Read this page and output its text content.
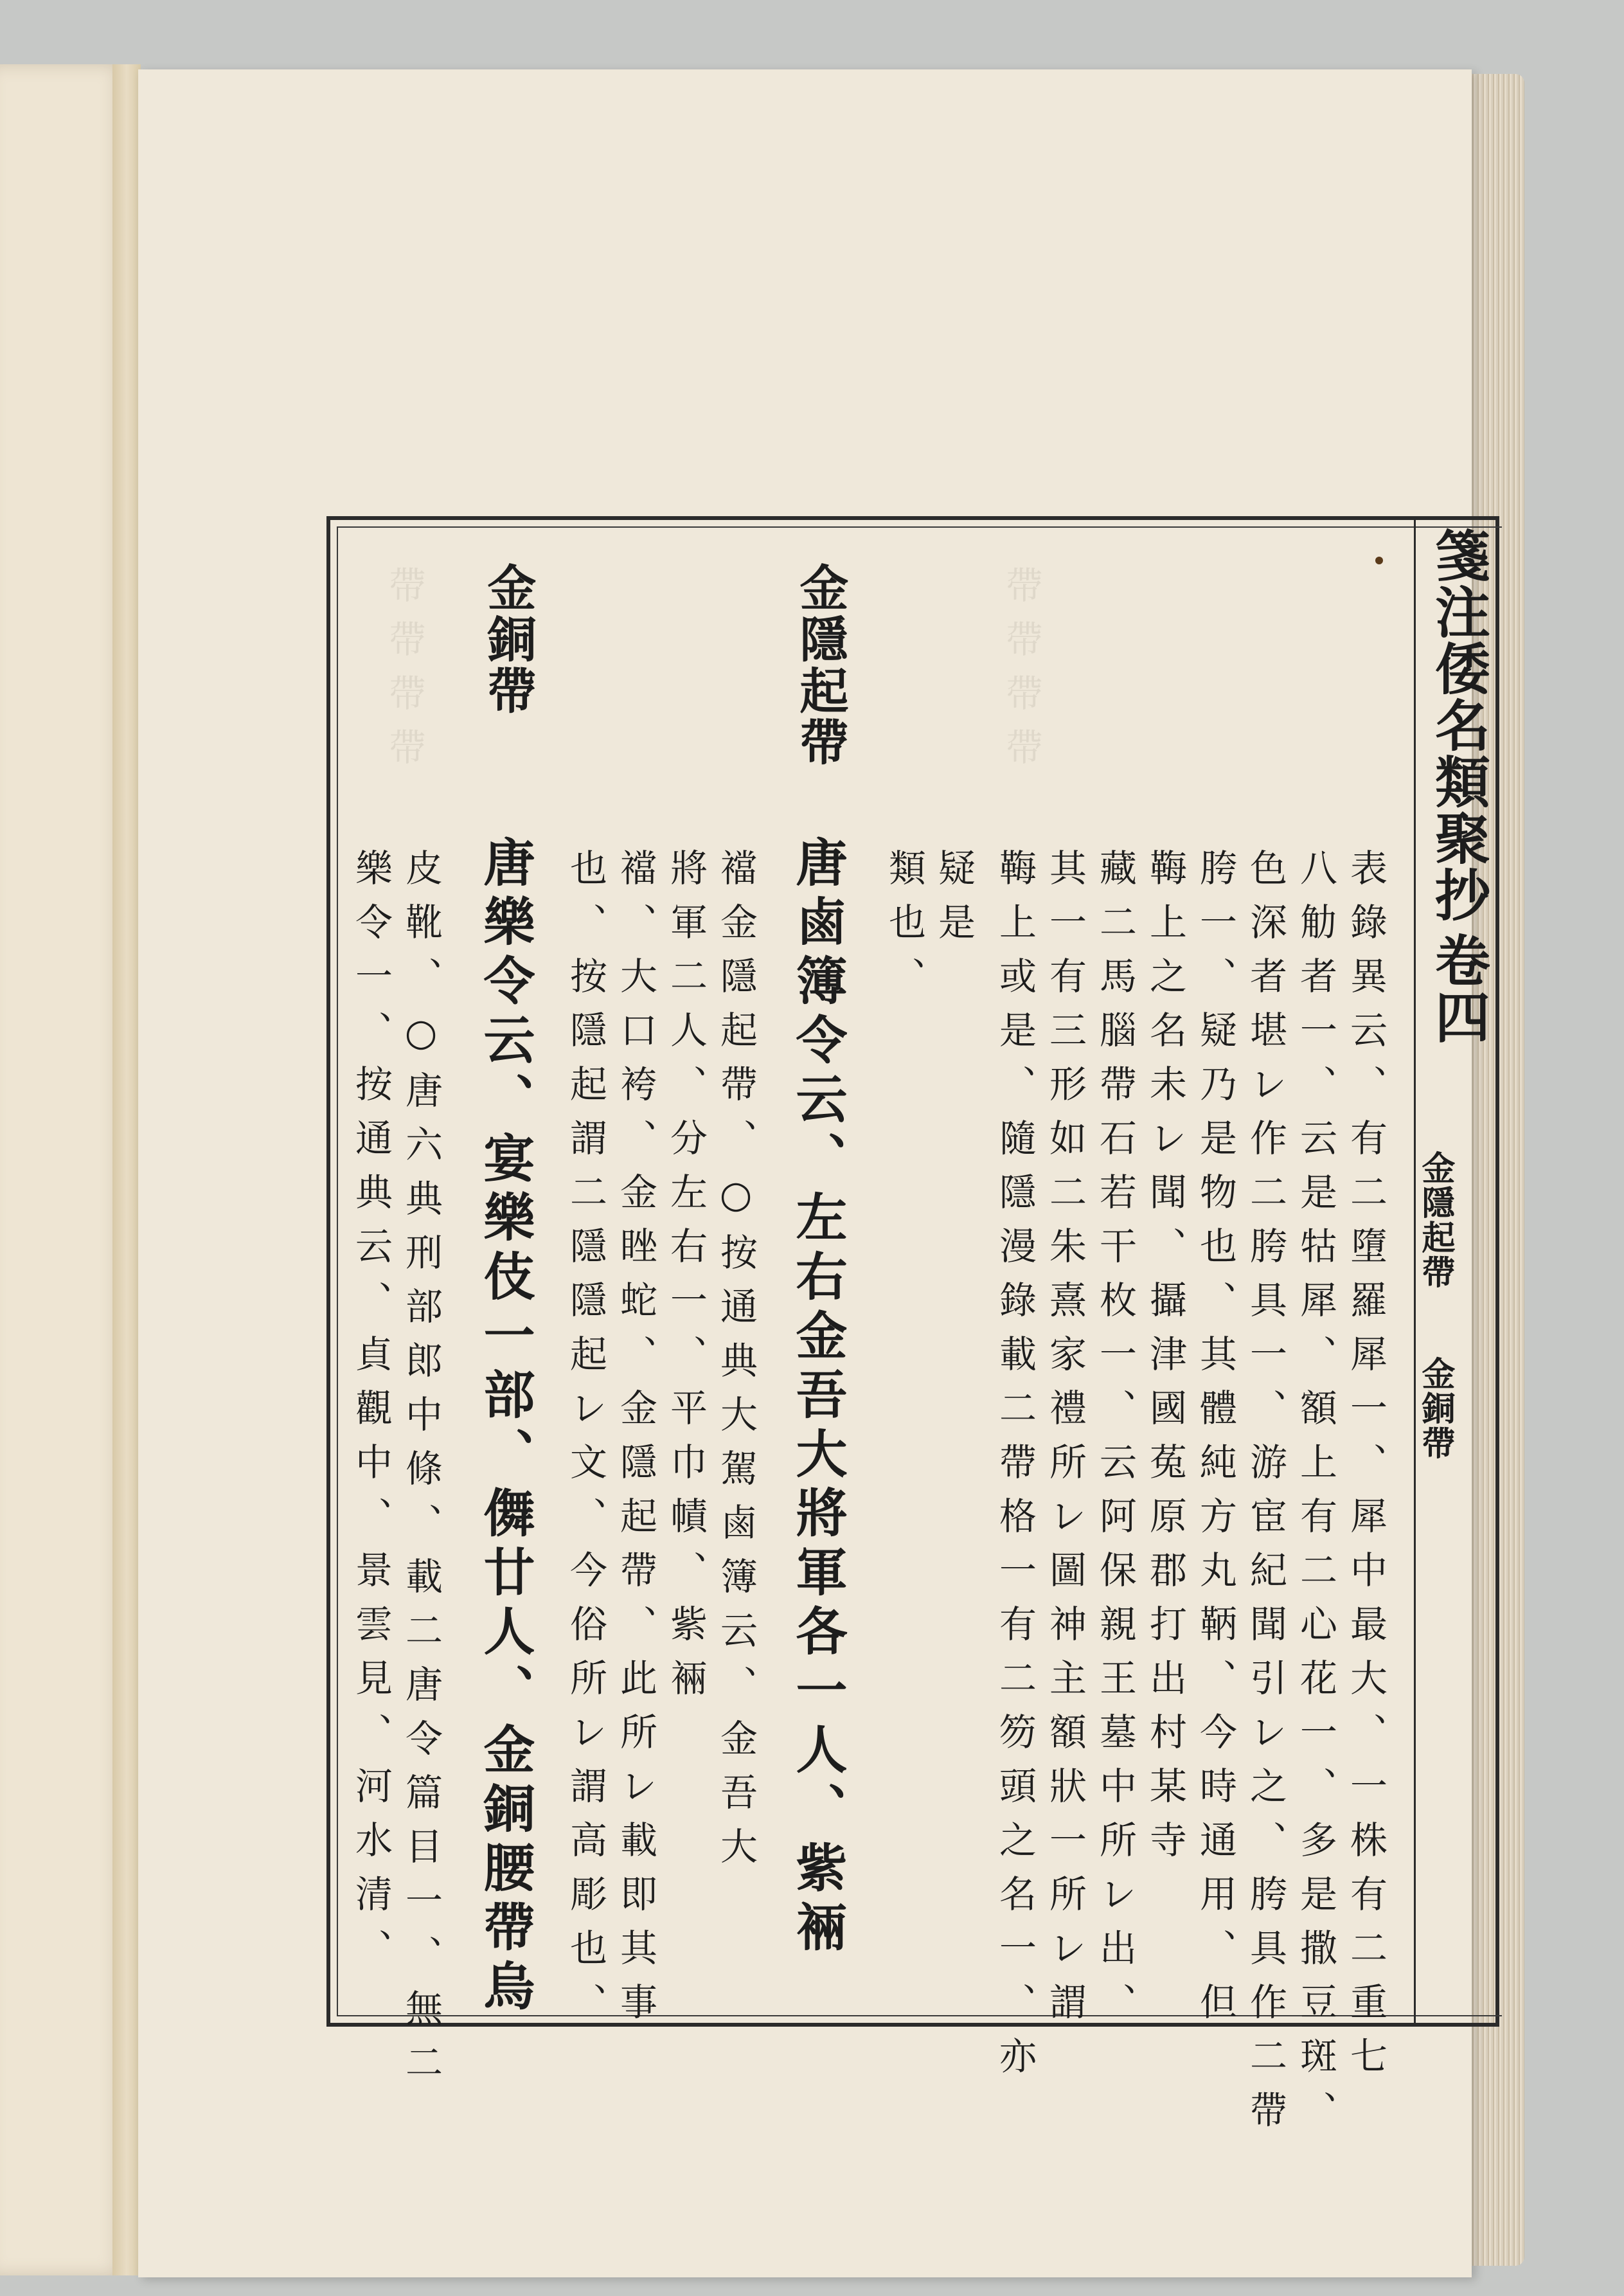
帶帶帶帶
帶帶帶帶	箋注倭名類聚抄
卷四
金隱起帶
金銅帶
表錄異云、有二墮羅犀一、犀中最大、一株有二重七
八觔者一、云是牯犀、額上有二心花一、多是撒豆斑、
色深者堪レ作二胯具一、游宦紀聞引レ之、胯具作二帶
胯一、疑乃是物也、其體純方丸鞆、今時通用、但
𩊱上之名未レ聞、攝津國菟原郡打出村某寺
藏二馬腦帶石若干枚一、云阿保親王墓中所レ出、
其一有三形如二朱熹家禮所レ圖神主額狀一所レ謂
𩊱上或是、隨隱漫錄載二帶格一有二笏頭之名一、亦
疑是
類也、
金隱起帶
唐鹵簿令云、左右金吾大將軍各一人、紫裲
襠金隱起帶、○按通典大駕鹵簿云、金吾大
將軍二人、分左右一、平巾幘、紫裲
襠、大口袴、金睉蛇、金隱起帶、此所レ載即其事
也、按隱起謂二隱隱起レ文、今俗所レ謂高彫也、
金銅帶
唐樂令云、宴樂伎一部、儛廿人、金銅腰帶烏
皮靴、○唐六典刑部郎中條、載二唐令篇目一、無二
樂令一、按通典云、貞觀中、景雲見、河水清、
